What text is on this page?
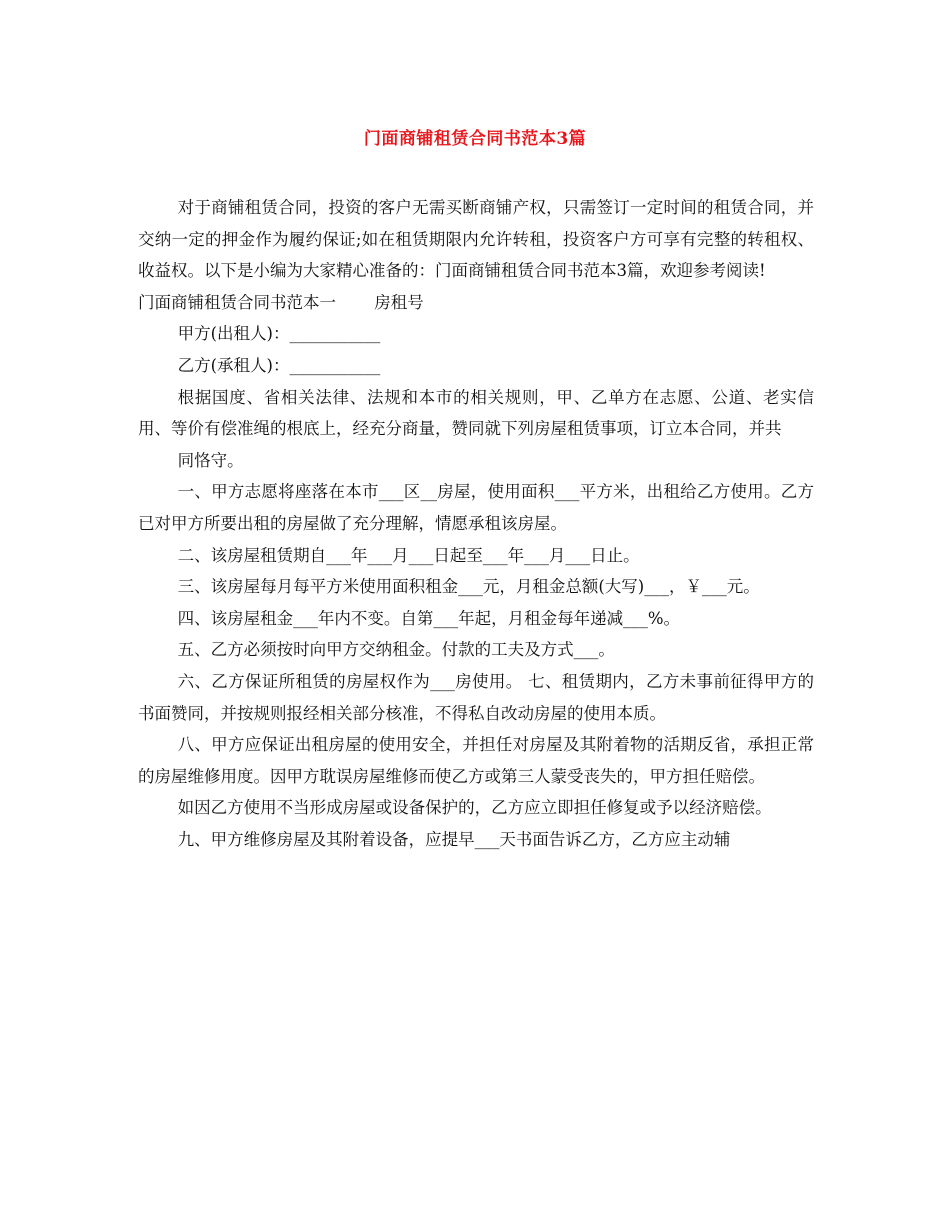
门面商铺租赁合同书范本3篇

对于商铺租赁合同，投资的客户无需买断商铺产权，只需签订一定时间的租赁合同，并交纳一定的押金作为履约保证;如在租赁期限内允许转租，投资客户方可享有完整的转租权、收益权。以下是小编为大家精心准备的：门面商铺租赁合同书范本3篇，欢迎参考阅读!

门面商铺租赁合同书范本一　　 房租号

甲方(出租人)：___________

乙方(承租人)：___________

根据国度、省相关法律、法规和本市的相关规则，甲、乙单方在志愿、公道、老实信用、等价有偿准绳的根底上，经充分商量，赞同就下列房屋租赁事项，订立本合同，并共

同恪守。

一、甲方志愿将座落在本市___区__房屋，使用面积___平方米，出租给乙方使用。乙方已对甲方所要出租的房屋做了充分理解，情愿承租该房屋。

二、该房屋租赁期自___年___月___日起至___年___月___日止。

三、该房屋每月每平方米使用面积租金___元，月租金总额(大写)___，￥___元。

四、该房屋租金___年内不变。自第___年起，月租金每年递减___%。

五、乙方必须按时向甲方交纳租金。付款的工夫及方式___。

六、乙方保证所租赁的房屋权作为___房使用。 七、租赁期内，乙方未事前征得甲方的书面赞同，并按规则报经相关部分核准，不得私自改动房屋的使用本质。

八、甲方应保证出租房屋的使用安全，并担任对房屋及其附着物的活期反省，承担正常的房屋维修用度。因甲方耽误房屋维修而使乙方或第三人蒙受丧失的，甲方担任赔偿。

如因乙方使用不当形成房屋或设备保护的，乙方应立即担任修复或予以经济赔偿。

九、甲方维修房屋及其附着设备，应提早___天书面告诉乙方，乙方应主动辅
